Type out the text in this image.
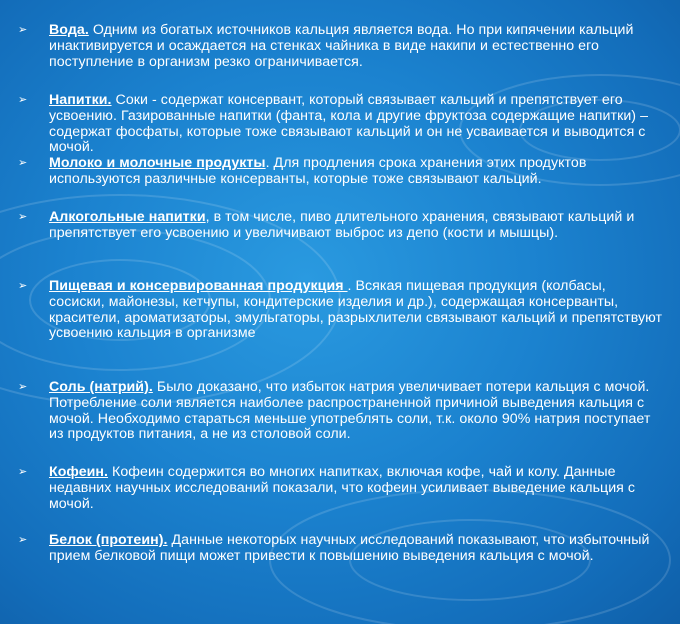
➢ Вода. Одним из богатых источников кальция является вода. Но при кипячении кальций инактивируется и осаждается на стенках чайника в виде накипи и естественно его поступление в организм резко ограничивается.
➢ Напитки. Соки - содержат консервант, который связывает кальций и препятствует его усвоению. Газированные напитки (фанта, кола и другие фруктоза содержащие напитки) – содержат фосфаты, которые тоже связывают кальций и он не усваивается и выводится с мочой.
➢ Молоко и молочные продукты. Для продления срока хранения этих продуктов используются различные консерванты, которые тоже связывают кальций.
➢ Алкогольные напитки, в том числе, пиво длительного хранения, связывают кальций и препятствует его усвоению и увеличивают выброс из депо (кости и мышцы).
➢ Пищевая и консервированная продукция . Всякая пищевая продукция (колбасы, сосиски, майонезы, кетчупы, кондитерские изделия и др.), содержащая консерванты, красители, ароматизаторы, эмульгаторы, разрыхлители связывают кальций и препятствуют усвоению кальция в организме
➢ Соль (натрий). Было доказано, что избыток натрия увеличивает потери кальция с мочой. Потребление соли является наиболее распространенной причиной выведения кальция с мочой. Необходимо стараться меньше употреблять соли, т.к. около 90% натрия поступает из продуктов питания, а не из столовой соли.
➢ Кофеин. Кофеин содержится во многих напитках, включая кофе, чай и колу. Данные недавних научных исследований показали, что кофеин усиливает выведение кальция с мочой.
➢ Белок (протеин). Данные некоторых научных исследований показывают, что избыточный прием белковой пищи может привести к повышению выведения кальция с мочой.
